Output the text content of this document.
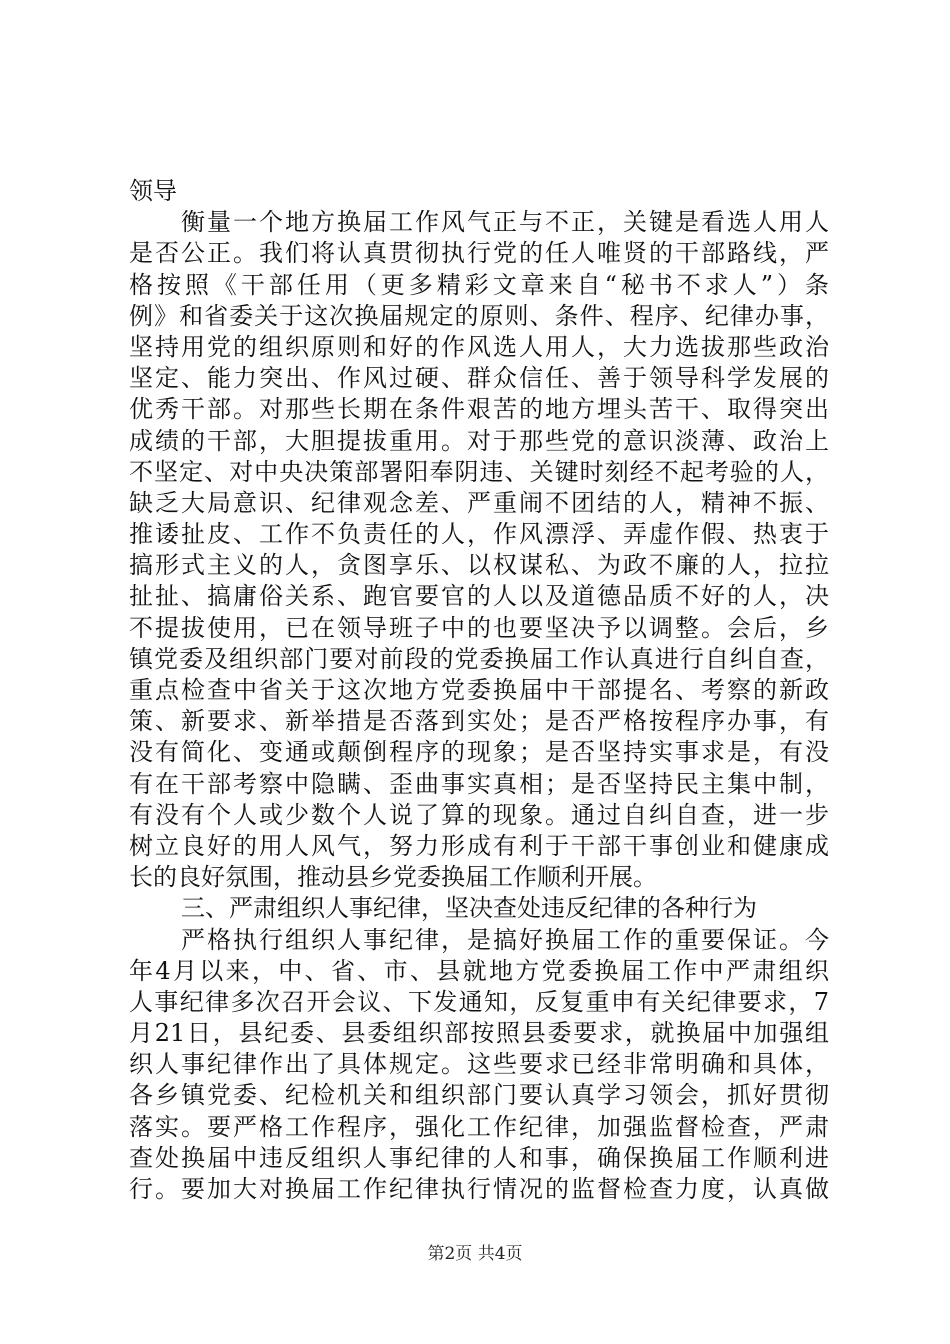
领导
衡量一个地方换届工作风气正与不正，关键是看选人用人
是否公正。我们将认真贯彻执行党的任人唯贤的干部路线，严
格按照《干部任用（更多精彩文章来自“秘书不求人”）条
例》和省委关于这次换届规定的原则、条件、程序、纪律办事，
坚持用党的组织原则和好的作风选人用人，大力选拔那些政治
坚定、能力突出、作风过硬、群众信任、善于领导科学发展的
优秀干部。对那些长期在条件艰苦的地方埋头苦干、取得突出
成绩的干部，大胆提拔重用。对于那些党的意识淡薄、政治上
不坚定、对中央决策部署阳奉阴违、关键时刻经不起考验的人，
缺乏大局意识、纪律观念差、严重闹不团结的人，精神不振、
推诿扯皮、工作不负责任的人，作风漂浮、弄虚作假、热衷于
搞形式主义的人，贪图享乐、以权谋私、为政不廉的人，拉拉
扯扯、搞庸俗关系、跑官要官的人以及道德品质不好的人，决
不提拔使用，已在领导班子中的也要坚决予以调整。会后，乡
镇党委及组织部门要对前段的党委换届工作认真进行自纠自查，
重点检查中省关于这次地方党委换届中干部提名、考察的新政
策、新要求、新举措是否落到实处；是否严格按程序办事，有
没有简化、变通或颠倒程序的现象；是否坚持实事求是，有没
有在干部考察中隐瞒、歪曲事实真相；是否坚持民主集中制，
有没有个人或少数个人说了算的现象。通过自纠自查，进一步
树立良好的用人风气，努力形成有利于干部干事创业和健康成
长的良好氛围，推动县乡党委换届工作顺利开展。
三、严肃组织人事纪律，坚决查处违反纪律的各种行为
严格执行组织人事纪律，是搞好换届工作的重要保证。今
年4月以来，中、省、市、县就地方党委换届工作中严肃组织
人事纪律多次召开会议、下发通知，反复重申有关纪律要求，7
月21日，县纪委、县委组织部按照县委要求，就换届中加强组
织人事纪律作出了具体规定。这些要求已经非常明确和具体，
各乡镇党委、纪检机关和组织部门要认真学习领会，抓好贯彻
落实。要严格工作程序，强化工作纪律，加强监督检查，严肃
查处换届中违反组织人事纪律的人和事，确保换届工作顺利进
行。要加大对换届工作纪律执行情况的监督检查力度，认真做
第2页 共4页
